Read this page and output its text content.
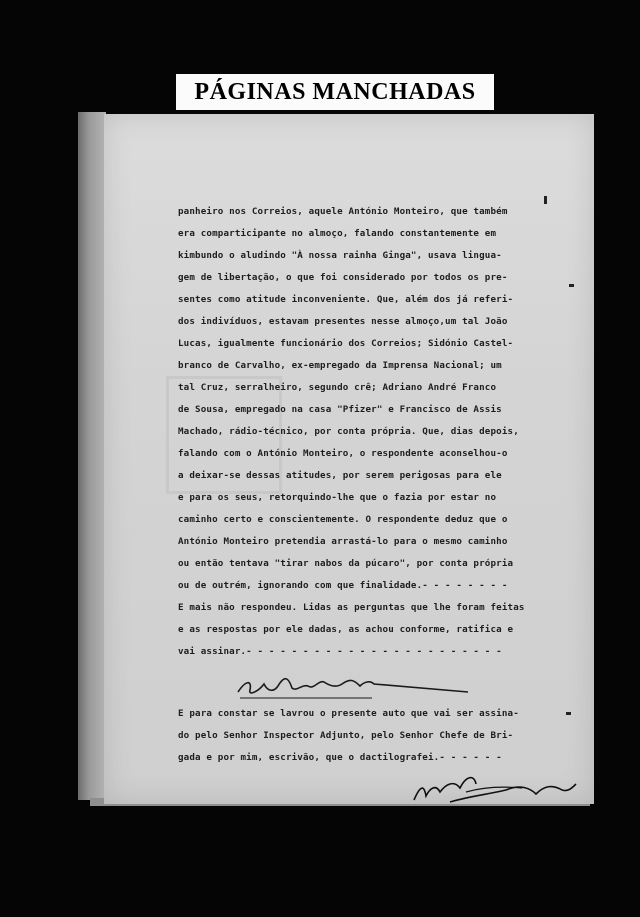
PÁGINAS MANCHADAS

panheiro nos Correios, aquele António Monteiro, que também

era comparticipante no almoço, falando constantemente em

kimbundo o aludindo "À nossa rainha Ginga", usava lingua-

gem de libertação, o que foi considerado por todos os pre-

sentes como atitude inconveniente. Que, além dos já referi-

dos indivíduos, estavam presentes nesse almoço,um tal João

Lucas, igualmente funcionário dos Correios; Sidónio Castel-

branco de Carvalho, ex-empregado da Imprensa Nacional; um

tal Cruz, serralheiro, segundo crê; Adriano André Franco

de Sousa, empregado na casa "Pfizer" e Francisco de Assis

Machado, rádio-técnico, por conta própria. Que, dias depois,

falando com o António Monteiro, o respondente aconselhou-o

a deixar-se dessas atitudes, por serem perigosas para ele

e para os seus, retorquindo-lhe que o fazia por estar no

caminho certo e conscientemente. O respondente deduz que o

António Monteiro pretendia arrastá-lo para o mesmo caminho

ou então tentava "tirar nabos da púcaro", por conta própria

ou de outrém, ignorando com que finalidade.- - - - - - - -

E mais não respondeu. Lidas as perguntas que lhe foram feitas

e as respostas por ele dadas, as achou conforme, ratifica e

vai assinar.- - - - - - - - - - - - - - - - - - - - - - -

E para constar se lavrou o presente auto que vai ser assina-

do pelo Senhor Inspector Adjunto, pelo Senhor Chefe de Bri-

gada e por mim, escrivão, que o dactilografei.- - - - - -
